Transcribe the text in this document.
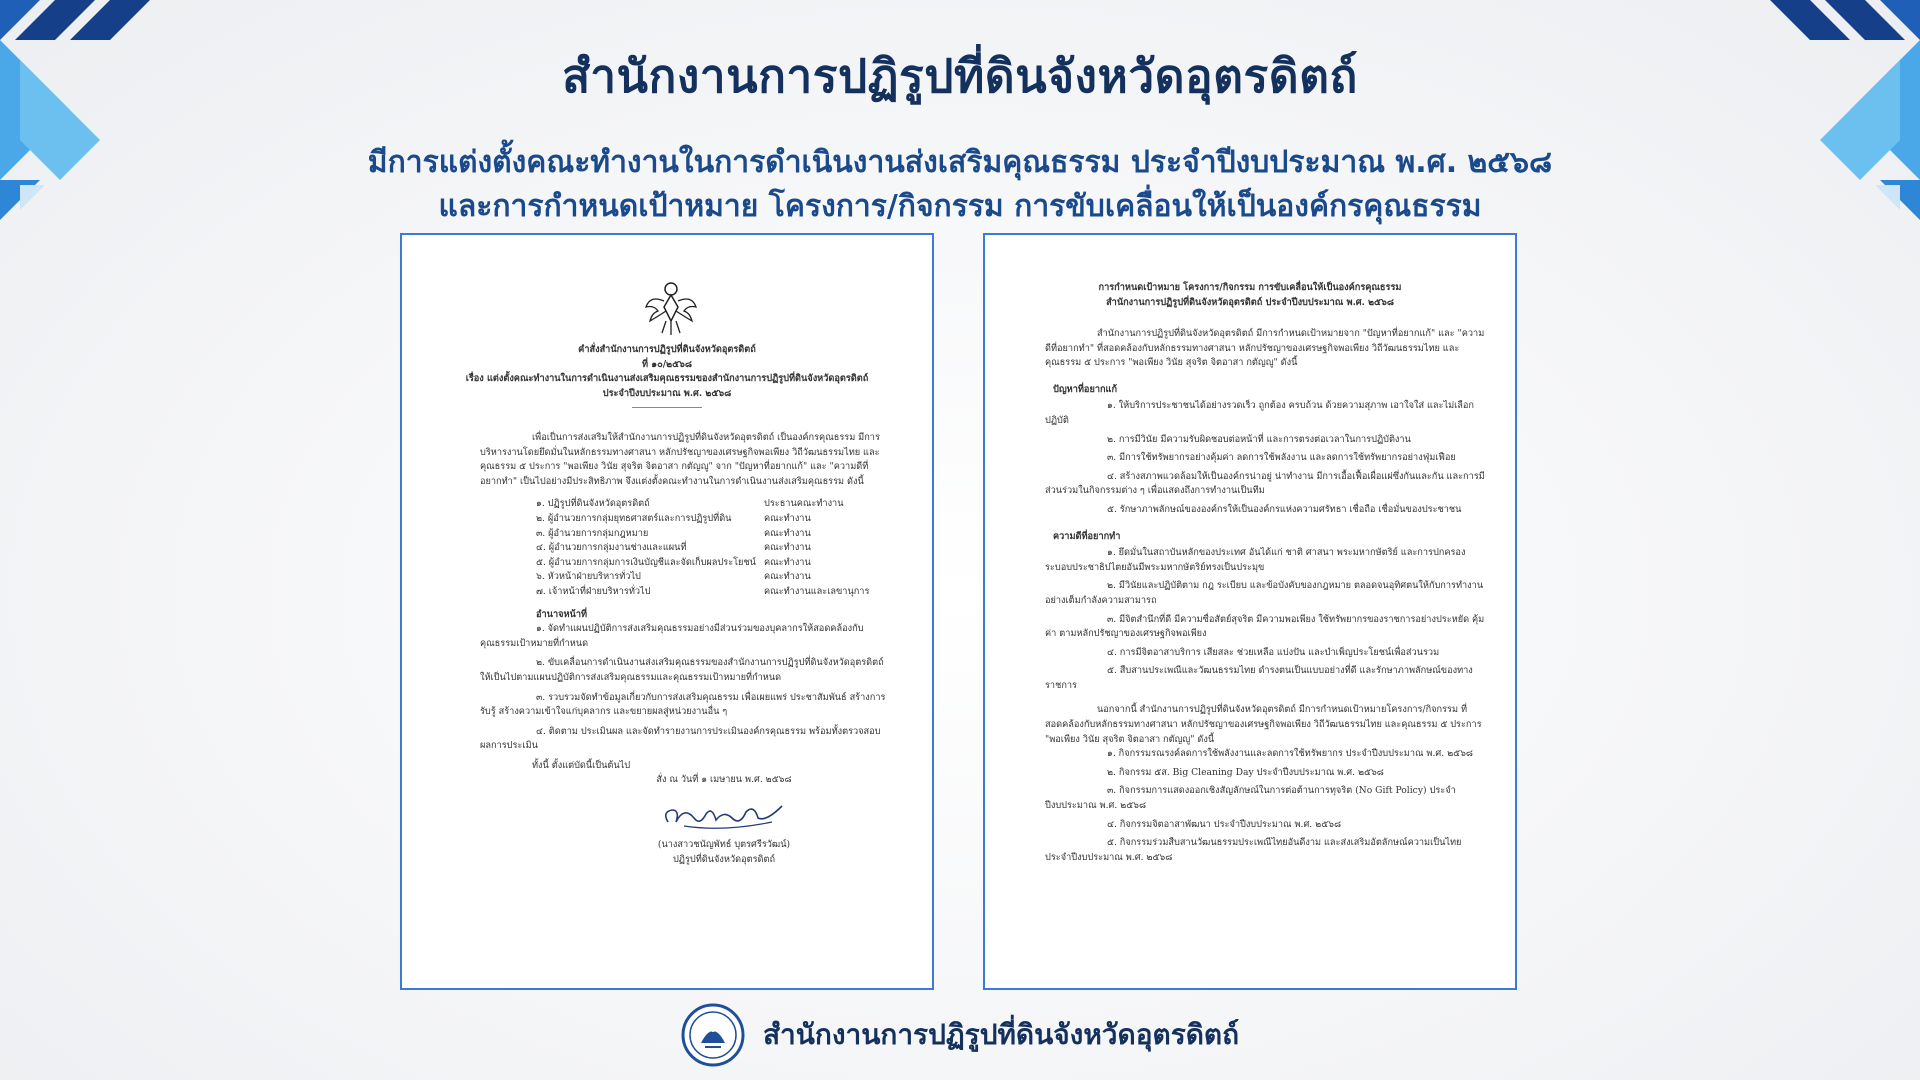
สำนักงานการปฏิรูปที่ดินจังหวัดอุตรดิตถ์

มีการแต่งตั้งคณะทำงานในการดำเนินงานส่งเสริมคุณธรรม ประจำปีงบประมาณ พ.ศ. ๒๕๖๘

และการกำหนดเป้าหมาย โครงการ/กิจกรรม การขับเคลื่อนให้เป็นองค์กรคุณธรรม

คำสั่งสำนักงานการปฏิรูปที่ดินจังหวัดอุตรดิตถ์

ที่ ๑๐/๒๕๖๘

เรื่อง แต่งตั้งคณะทำงานในการดำเนินงานส่งเสริมคุณธรรมของสำนักงานการปฏิรูปที่ดินจังหวัดอุตรดิตถ์

ประจำปีงบประมาณ พ.ศ. ๒๕๖๘

เพื่อเป็นการส่งเสริมให้สำนักงานการปฏิรูปที่ดินจังหวัดอุตรดิตถ์ เป็นองค์กรคุณธรรม มีการบริหารงานโดยยึดมั่นในหลักธรรมทางศาสนา หลักปรัชญาของเศรษฐกิจพอเพียง วิถีวัฒนธรรมไทย และคุณธรรม ๕ ประการ "พอเพียง วินัย สุจริต จิตอาสา กตัญญู" จาก "ปัญหาที่อยากแก้" และ "ความดีที่อยากทำ" เป็นไปอย่างมีประสิทธิภาพ จึงแต่งตั้งคณะทำงานในการดำเนินงานส่งเสริมคุณธรรม ดังนี้

๑. ปฏิรูปที่ดินจังหวัดอุตรดิตถ์	ประธานคณะทำงาน
๒. ผู้อำนวยการกลุ่มยุทธศาสตร์และการปฏิรูปที่ดิน	คณะทำงาน
๓. ผู้อำนวยการกลุ่มกฎหมาย	คณะทำงาน
๔. ผู้อำนวยการกลุ่มงานช่างและแผนที่	คณะทำงาน
๕. ผู้อำนวยการกลุ่มการเงินบัญชีและจัดเก็บผลประโยชน์ คณะทำงาน
๖. หัวหน้าฝ่ายบริหารทั่วไป	คณะทำงาน
๗. เจ้าหน้าที่ฝ่ายบริหารทั่วไป	คณะทำงานและเลขานุการ

อำนาจหน้าที่

๑. จัดทำแผนปฏิบัติการส่งเสริมคุณธรรมอย่างมีส่วนร่วมของบุคลากรให้สอดคล้องกับคุณธรรมเป้าหมายที่กำหนด

๒. ขับเคลื่อนการดำเนินงานส่งเสริมคุณธรรมของสำนักงานการปฏิรูปที่ดินจังหวัดอุตรดิตถ์ให้เป็นไปตามแผนปฏิบัติการส่งเสริมคุณธรรมและคุณธรรมเป้าหมายที่กำหนด

๓. รวบรวมจัดทำข้อมูลเกี่ยวกับการส่งเสริมคุณธรรม เพื่อเผยแพร่ ประชาสัมพันธ์ สร้างการรับรู้ สร้างความเข้าใจแก่บุคลากร และขยายผลสู่หน่วยงานอื่น ๆ

๔. ติดตาม ประเมินผล และจัดทำรายงานการประเมินองค์กรคุณธรรม พร้อมทั้งตรวจสอบผลการประเมิน

ทั้งนี้ ตั้งแต่บัดนี้เป็นต้นไป

สั่ง ณ วันที่ ๑ เมษายน พ.ศ. ๒๕๖๘

(นางสาวชนัญพัทธ์ บุตรศรีรวัฒน์)

ปฏิรูปที่ดินจังหวัดอุตรดิตถ์

การกำหนดเป้าหมาย โครงการ/กิจกรรม การขับเคลื่อนให้เป็นองค์กรคุณธรรม

สำนักงานการปฏิรูปที่ดินจังหวัดอุตรดิตถ์ ประจำปีงบประมาณ พ.ศ. ๒๕๖๘

สำนักงานการปฏิรูปที่ดินจังหวัดอุตรดิตถ์ มีการกำหนดเป้าหมายจาก "ปัญหาที่อยากแก้" และ "ความดีที่อยากทำ" ที่สอดคล้องกับหลักธรรมทางศาสนา หลักปรัชญาของเศรษฐกิจพอเพียง วิถีวัฒนธรรมไทย และคุณธรรม ๕ ประการ "พอเพียง วินัย สุจริต จิตอาสา กตัญญู" ดังนี้

ปัญหาที่อยากแก้

๑. ให้บริการประชาชนได้อย่างรวดเร็ว ถูกต้อง ครบถ้วน ด้วยความสุภาพ เอาใจใส่ และไม่เลือกปฏิบัติ

๒. การมีวินัย มีความรับผิดชอบต่อหน้าที่ และการตรงต่อเวลาในการปฏิบัติงาน

๓. มีการใช้ทรัพยากรอย่างคุ้มค่า ลดการใช้พลังงาน และลดการใช้ทรัพยากรอย่างฟุ่มเฟือย

๔. สร้างสภาพแวดล้อมให้เป็นองค์กรน่าอยู่ น่าทำงาน มีการเอื้อเฟื้อเผื่อแผ่ซึ่งกันและกัน และการมีส่วนร่วมในกิจกรรมต่าง ๆ เพื่อแสดงถึงการทำงานเป็นทีม

๕. รักษาภาพลักษณ์ขององค์กรให้เป็นองค์กรแห่งความศรัทธา เชื่อถือ เชื่อมั่นของประชาชน

ความดีที่อยากทำ

๑. ยึดมั่นในสถาบันหลักของประเทศ อันได้แก่ ชาติ ศาสนา พระมหากษัตริย์ และการปกครองระบอบประชาธิปไตยอันมีพระมหากษัตริย์ทรงเป็นประมุข

๒. มีวินัยและปฏิบัติตาม กฎ ระเบียบ และข้อบังคับของกฎหมาย ตลอดจนอุทิศตนให้กับการทำงานอย่างเต็มกำลังความสามารถ

๓. มีจิตสำนึกที่ดี มีความซื่อสัตย์สุจริต มีความพอเพียง ใช้ทรัพยากรของราชการอย่างประหยัด คุ้มค่า ตามหลักปรัชญาของเศรษฐกิจพอเพียง

๔. การมีจิตอาสาบริการ เสียสละ ช่วยเหลือ แบ่งปัน และบำเพ็ญประโยชน์เพื่อส่วนรวม

๕. สืบสานประเพณีและวัฒนธรรมไทย ดำรงตนเป็นแบบอย่างที่ดี และรักษาภาพลักษณ์ของทางราชการ

นอกจากนี้ สำนักงานการปฏิรูปที่ดินจังหวัดอุตรดิตถ์ มีการกำหนดเป้าหมายโครงการ/กิจกรรม ที่สอดคล้องกับหลักธรรมทางศาสนา หลักปรัชญาของเศรษฐกิจพอเพียง วิถีวัฒนธรรมไทย และคุณธรรม ๕ ประการ "พอเพียง วินัย สุจริต จิตอาสา กตัญญู" ดังนี้

๑. กิจกรรมรณรงค์ลดการใช้พลังงานและลดการใช้ทรัพยากร ประจำปีงบประมาณ พ.ศ. ๒๕๖๘

๒. กิจกรรม ๕ส. Big Cleaning Day ประจำปีงบประมาณ พ.ศ. ๒๕๖๘

๓. กิจกรรมการแสดงออกเชิงสัญลักษณ์ในการต่อต้านการทุจริต (No Gift Policy) ประจำปีงบประมาณ พ.ศ. ๒๕๖๘

๔. กิจกรรมจิตอาสาพัฒนา ประจำปีงบประมาณ พ.ศ. ๒๕๖๘

๕. กิจกรรมร่วมสืบสานวัฒนธรรมประเพณีไทยอันดีงาม และส่งเสริมอัตลักษณ์ความเป็นไทย ประจำปีงบประมาณ พ.ศ. ๒๕๖๘

สำนักงานการปฏิรูปที่ดินจังหวัดอุตรดิตถ์
